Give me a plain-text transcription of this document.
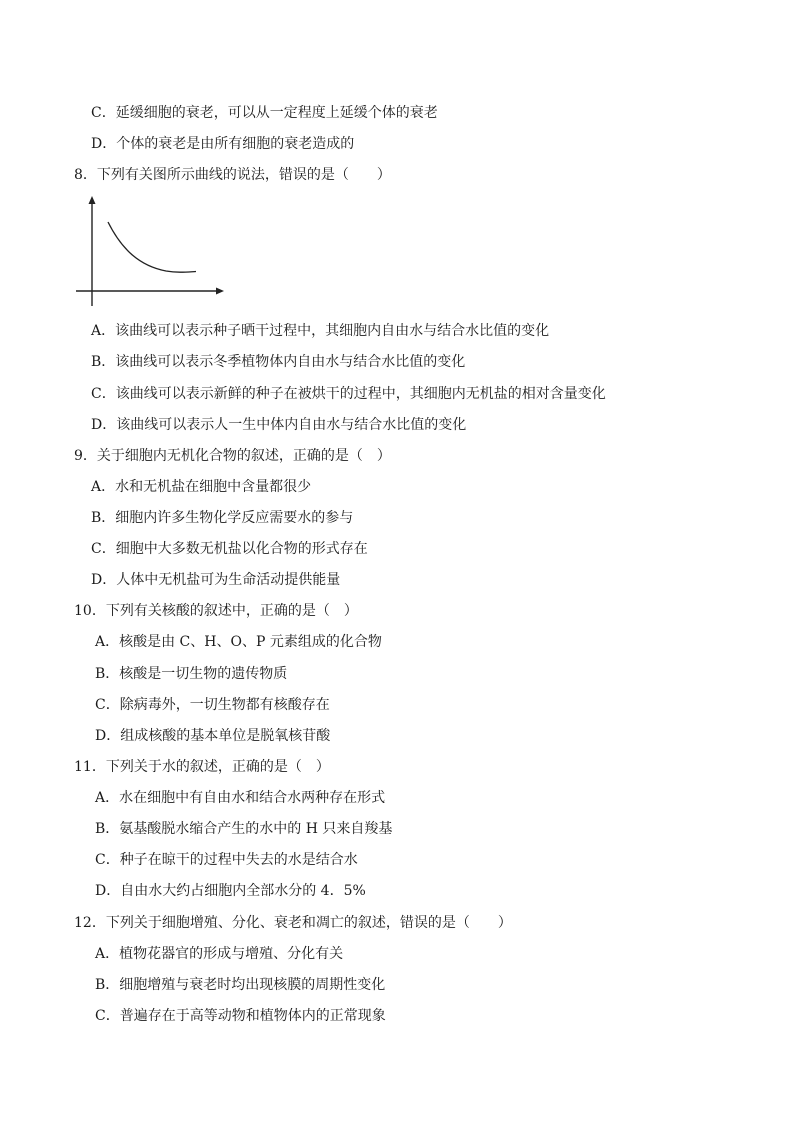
C．延缓细胞的衰老，可以从一定程度上延缓个体的衰老
D．个体的衰老是由所有细胞的衰老造成的
8．下列有关图所示曲线的说法，错误的是（　　）
A．该曲线可以表示种子晒干过程中，其细胞内自由水与结合水比值的变化
B．该曲线可以表示冬季植物体内自由水与结合水比值的变化
C．该曲线可以表示新鲜的种子在被烘干的过程中，其细胞内无机盐的相对含量变化
D．该曲线可以表示人一生中体内自由水与结合水比值的变化
9．关于细胞内无机化合物的叙述，正确的是（　）
A．水和无机盐在细胞中含量都很少
B．细胞内许多生物化学反应需要水的参与
C．细胞中大多数无机盐以化合物的形式存在
D．人体中无机盐可为生命活动提供能量
10．下列有关核酸的叙述中，正确的是（　）
A．核酸是由 C、H、O、P 元素组成的化合物
B．核酸是一切生物的遗传物质
C．除病毒外，一切生物都有核酸存在
D．组成核酸的基本单位是脱氧核苷酸
11．下列关于水的叙述，正确的是（　）
A．水在细胞中有自由水和结合水两种存在形式
B．氨基酸脱水缩合产生的水中的 H 只来自羧基
C．种子在晾干的过程中失去的水是结合水
D．自由水大约占细胞内全部水分的 4．5%
12．下列关于细胞增殖、分化、衰老和凋亡的叙述，错误的是（　　）
A．植物花器官的形成与增殖、分化有关
B．细胞增殖与衰老时均出现核膜的周期性变化
C．普遍存在于高等动物和植物体内的正常现象
